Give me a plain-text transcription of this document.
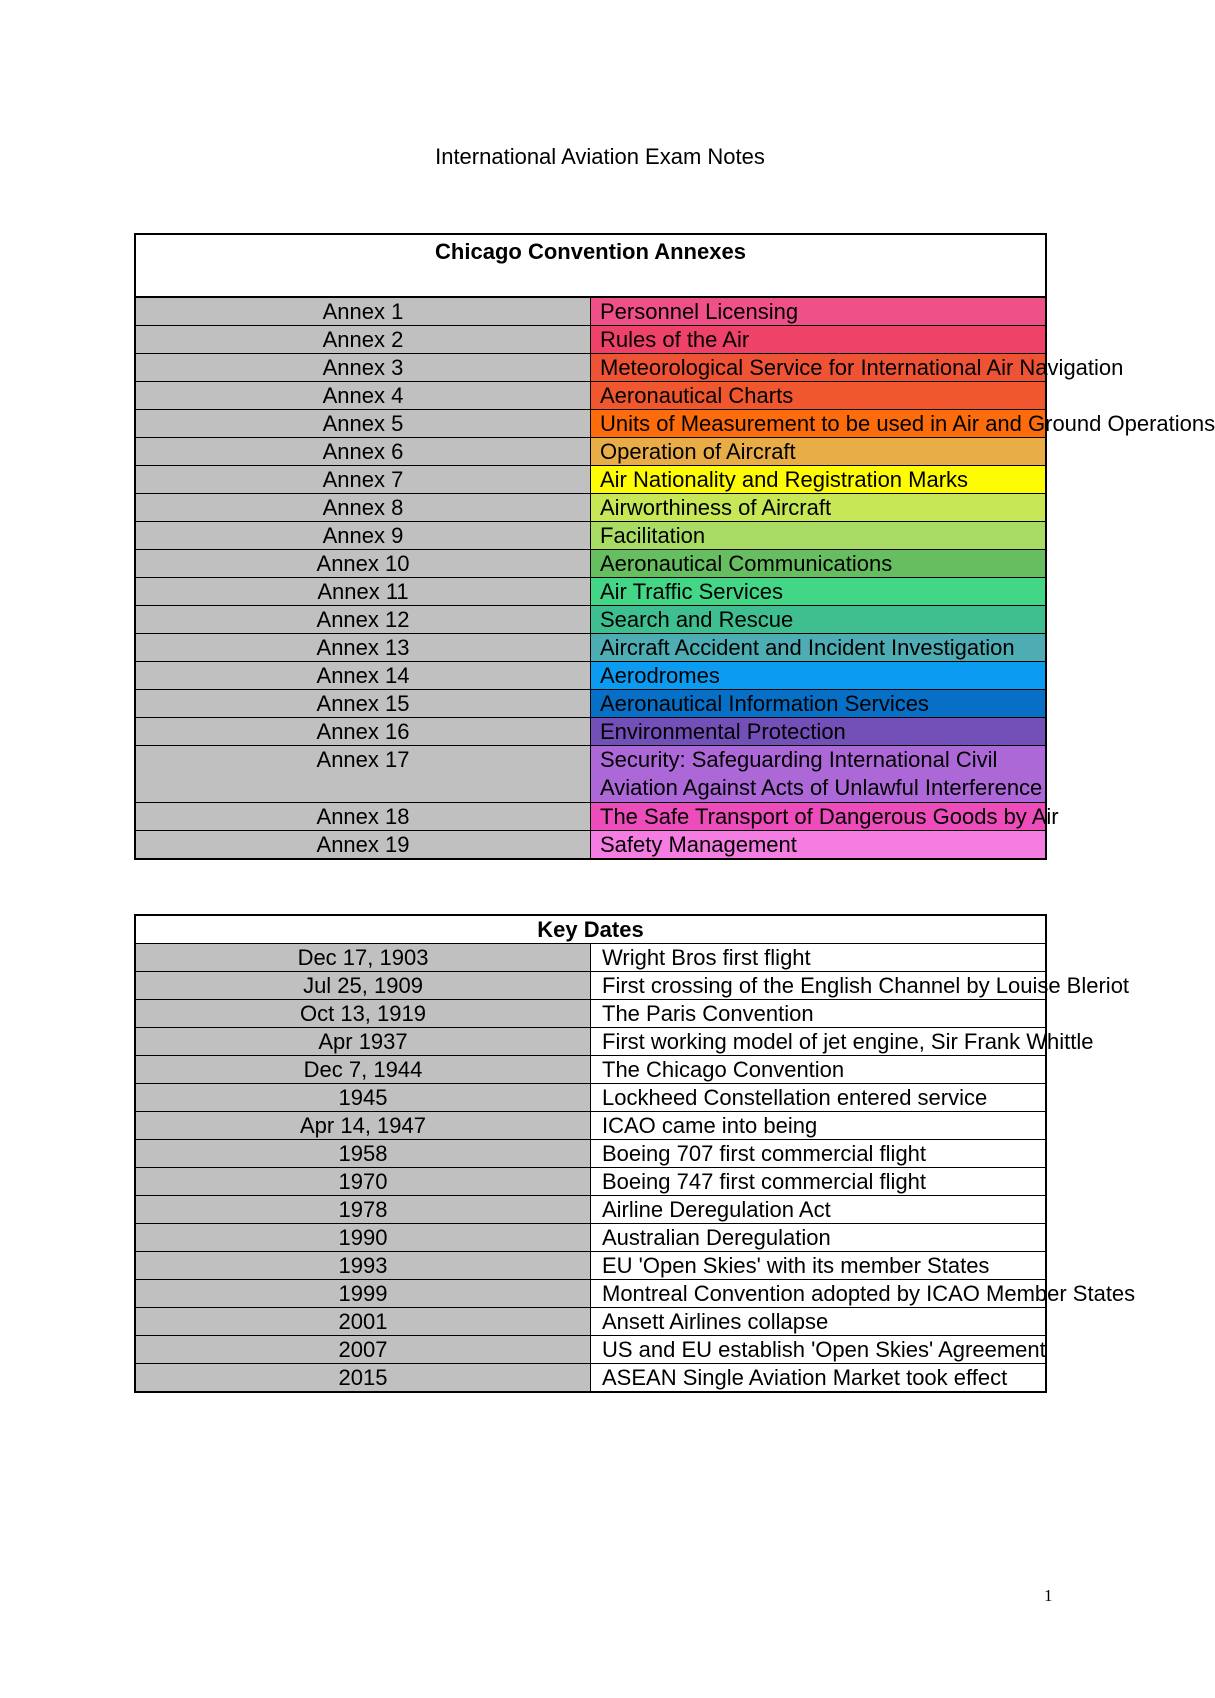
International Aviation Exam Notes
Chicago Convention Annexes	
Annex 1	Personnel Licensing
Annex 2	Rules of the Air
Annex 3	Meteorological Service for International Air Navigation
Annex 4	Aeronautical Charts
Annex 5	Units of Measurement to be used in Air and Ground Operations
Annex 6	Operation of Aircraft
Annex 7	Air Nationality and Registration Marks
Annex 8	Airworthiness of Aircraft
Annex 9	Facilitation
Annex 10	Aeronautical Communications
Annex 11	Air Traffic Services
Annex 12	Search and Rescue
Annex 13	Aircraft Accident and Incident Investigation
Annex 14	Aerodromes
Annex 15	Aeronautical Information Services
Annex 16	Environmental Protection
Annex 17	Security: Safeguarding International Civil Aviation Against Acts of Unlawful Interference
Annex 18	The Safe Transport of Dangerous Goods by Air
Annex 19	Safety Management
Key Dates	
Dec 17, 1903	Wright Bros first flight
Jul 25, 1909	First crossing of the English Channel by Louise Bleriot
Oct 13, 1919	The Paris Convention
Apr 1937	First working model of jet engine, Sir Frank Whittle
Dec 7, 1944	The Chicago Convention
1945	Lockheed Constellation entered service
Apr 14, 1947	ICAO came into being
1958	Boeing 707 first commercial flight
1970	Boeing 747 first commercial flight
1978	Airline Deregulation Act
1990	Australian Deregulation
1993	EU 'Open Skies' with its member States
1999	Montreal Convention adopted by ICAO Member States
2001	Ansett Airlines collapse
2007	US and EU establish 'Open Skies' Agreement
2015	ASEAN Single Aviation Market took effect
1
